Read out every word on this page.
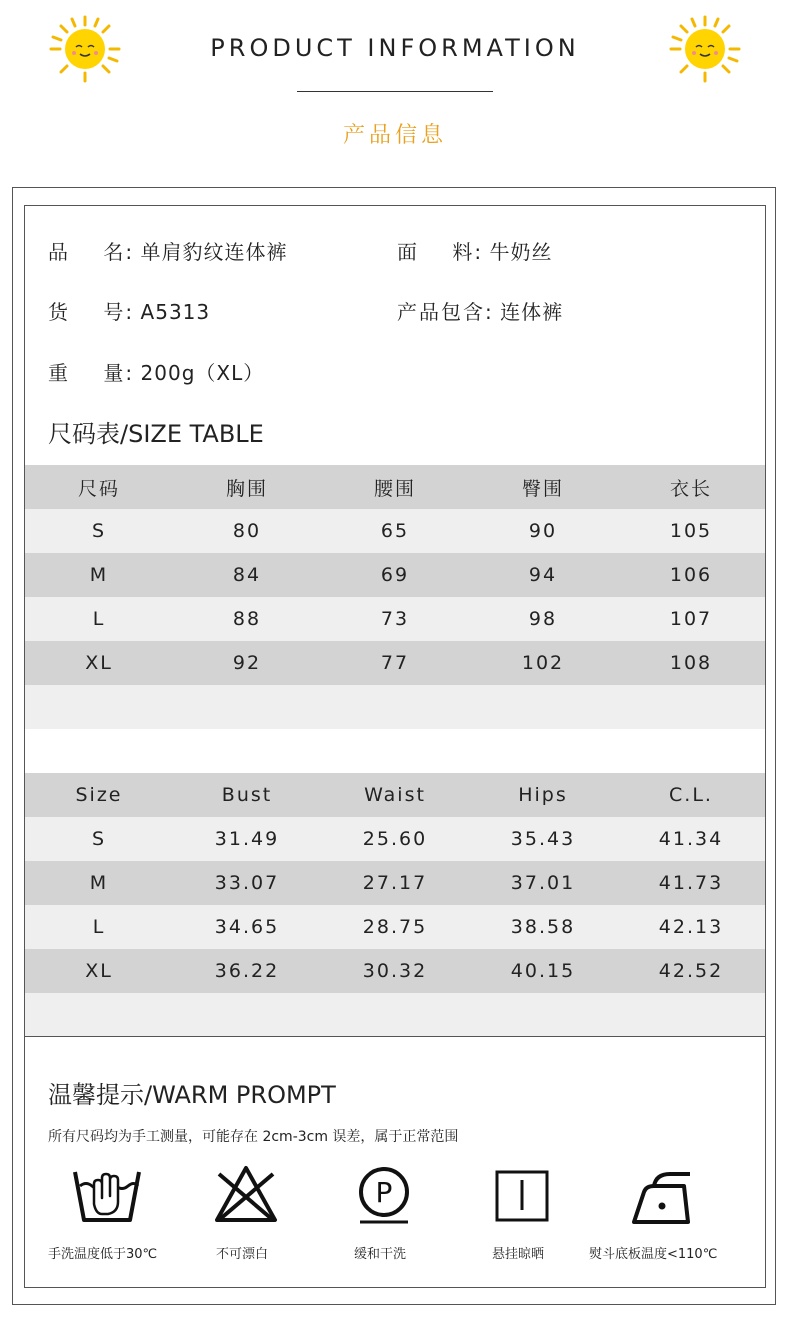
PRODUCT INFORMATION
产品信息
品    名: 单肩豹纹连体裤	面    料: 牛奶丝
货    号: A5313	产品包含: 连体裤
重    量: 200g（XL）
尺码表/SIZE TABLE
尺码	胸围	腰围	臀围	衣长
S	80	65	90	105
M	84	69	94	106
L	88	73	98	107
XL	92	77	102	108

Size	Bust	Waist	Hips	C.L.
S	31.49	25.60	35.43	41.34
M	33.07	27.17	37.01	41.73
L	34.65	28.75	38.58	42.13
XL	36.22	30.32	40.15	42.52

温馨提示/WARM PROMPT
所有尺码均为手工测量，可能存在 2cm-3cm 误差，属于正常范围
P
手洗温度低于30℃	不可漂白	缓和干洗	悬挂晾晒	熨斗底板温度<110℃
